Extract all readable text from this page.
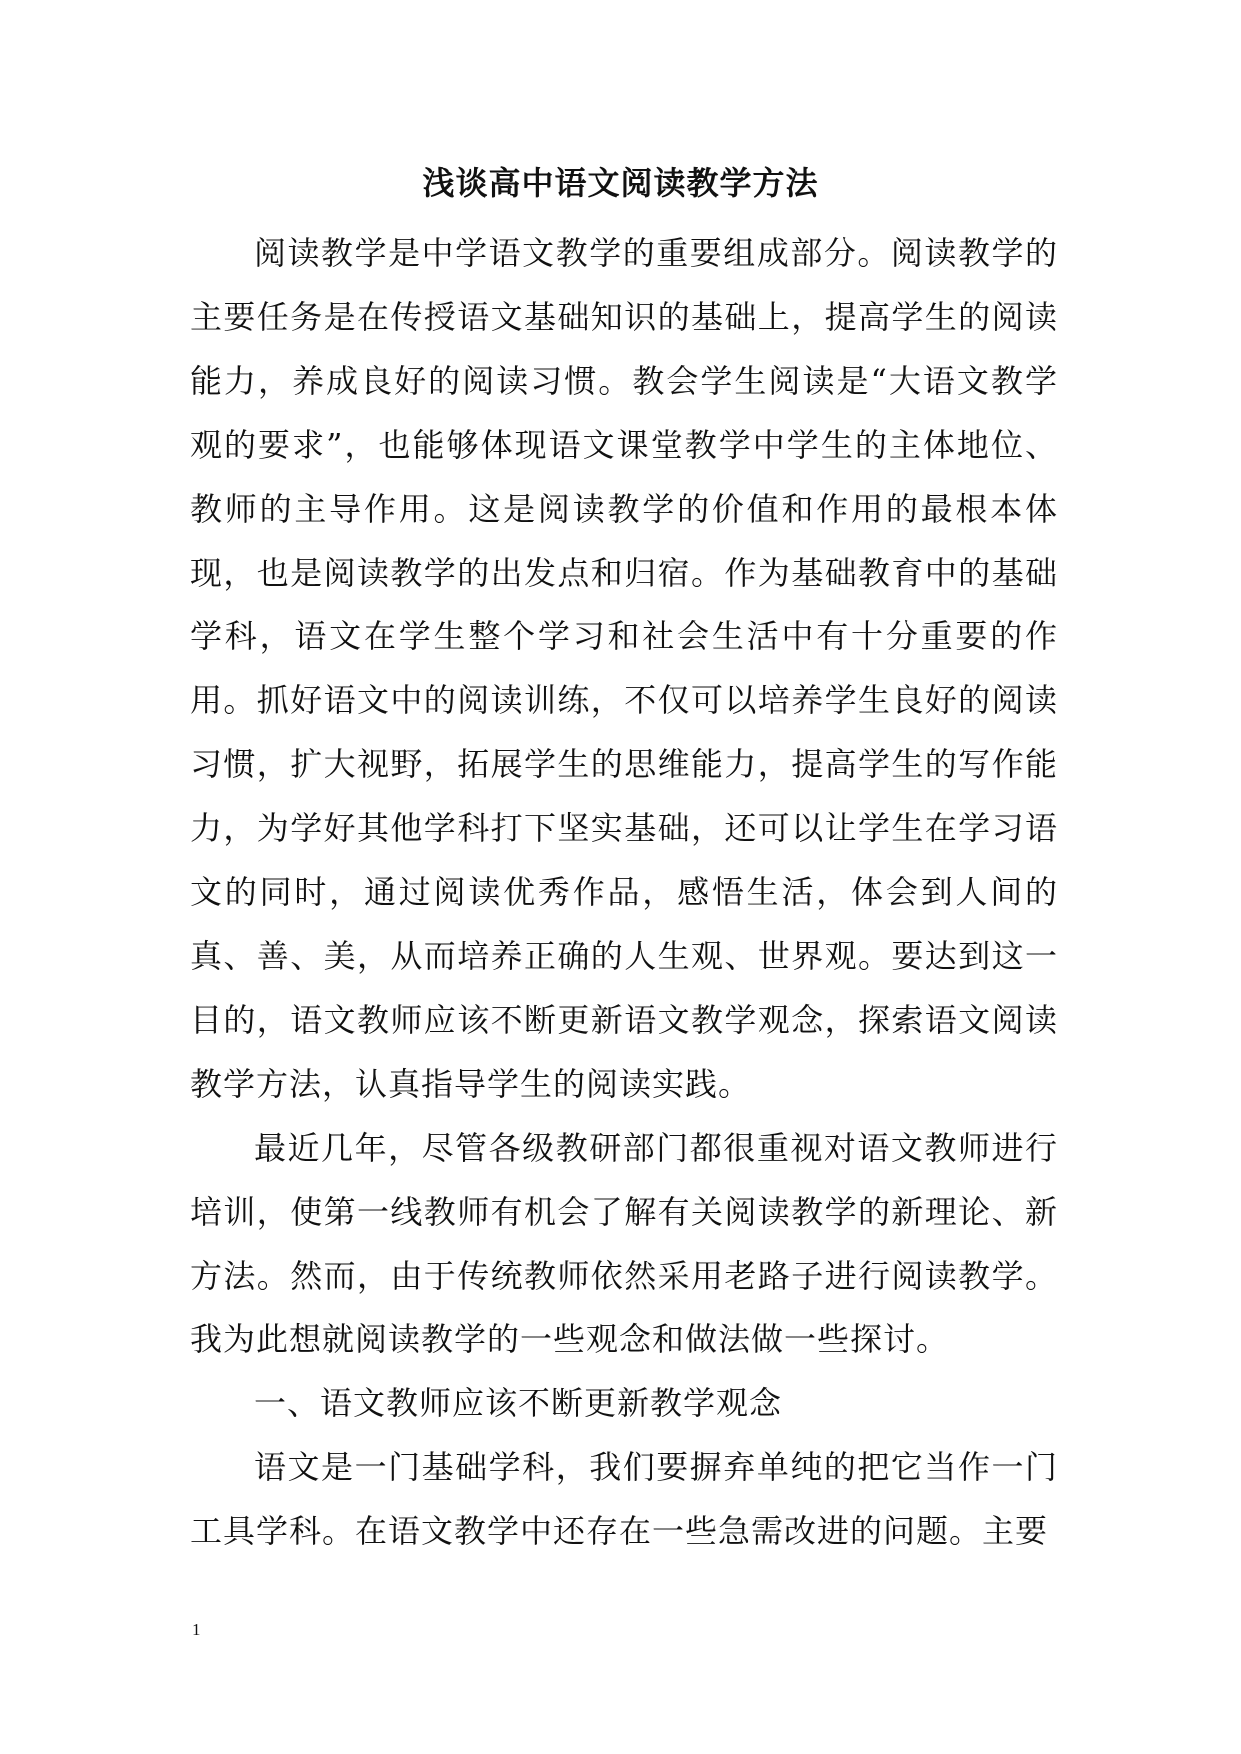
浅谈高中语文阅读教学方法

阅读教学是中学语文教学的重要组成部分。阅读教学的主要任务是在传授语文基础知识的基础上，提高学生的阅读能力，养成良好的阅读习惯。教会学生阅读是“大语文教学观的要求”，也能够体现语文课堂教学中学生的主体地位、教师的主导作用。这是阅读教学的价值和作用的最根本体现，也是阅读教学的出发点和归宿。作为基础教育中的基础学科，语文在学生整个学习和社会生活中有十分重要的作用。抓好语文中的阅读训练，不仅可以培养学生良好的阅读习惯，扩大视野，拓展学生的思维能力，提高学生的写作能力，为学好其他学科打下坚实基础，还可以让学生在学习语文的同时，通过阅读优秀作品，感悟生活，体会到人间的真、善、美，从而培养正确的人生观、世界观。要达到这一目的，语文教师应该不断更新语文教学观念，探索语文阅读教学方法，认真指导学生的阅读实践。

最近几年，尽管各级教研部门都很重视对语文教师进行培训，使第一线教师有机会了解有关阅读教学的新理论、新方法。然而，由于传统教师依然采用老路子进行阅读教学。我为此想就阅读教学的一些观念和做法做一些探讨。

一、语文教师应该不断更新教学观念

语文是一门基础学科，我们要摒弃单纯的把它当作一门工具学科。在语文教学中还存在一些急需改进的问题。主要

1
